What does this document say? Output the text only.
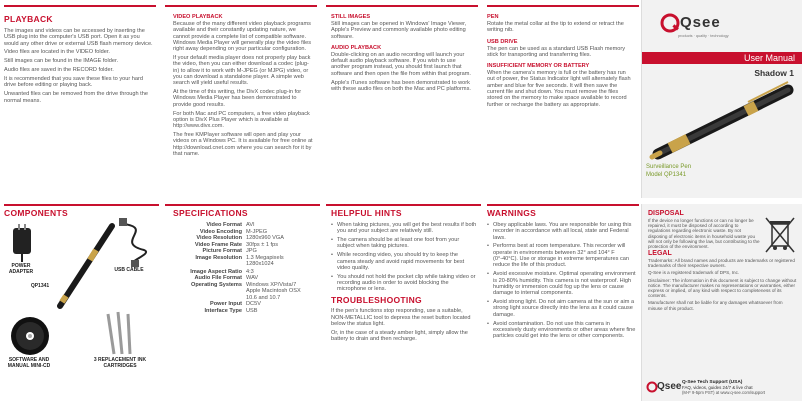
PLAYBACK

The images and videos can be accessed by inserting the USB plug into the computer's USB port. Open it as you would any other drive or external USB flash memory device.

Video files are located in the VIDEO folder.

Still images can be found in the IMAGE folder.

Audio files are saved in the RECORD folder.

It is recommended that you save these files to your hard drive before editing or playing back.

Unwanted files can be removed from the drive through the normal means.

VIDEO PLAYBACK

Because of the many different video playback programs available and their constantly updating nature, we cannot provide a complete list of compatible software. Windows Media Player will generally play the video files right away depending on your particular configuration.

If your default media player does not properly play back the video, then you can either download a codec (plug-in) to allow it to work with M-JPEG (or MJPG) video, or you can download a standalone player. A simple web search will yield useful results.

At the time of this writing, the DivX codec plug-in for Windows Media Player has been demonstrated to provide good results.

For both Mac and PC computers, a free video playback option is DivX Plus Player which is available at http://www.divx.com.

The free KMPlayer software will open and play your videos on a Windows PC. It is available for free online at http://download.cnet.com where you can search for it by that name.

STILL IMAGES

Still images can be opened in Windows' Image Viewer, Apple's Preview and commonly available photo editing software.

AUDIO PLAYBACK

Double-clicking on an audio recording will launch your default audio playback software. If you wish to use another program instead, you should first launch that software and then open the file from within that program.

Apple's iTunes software has been demonstrated to work with these audio files on both the Mac and PC platforms.

PEN

Rotate the metal collar at the tip to extend or retract the writing nib.

USB DRIVE

The pen can be used as a standard USB Flash memory stick for transporting and transferring files.

INSUFFICIENT MEMORY OR BATTERY

When the camera's memory is full or the battery has run out of power, the Status Indicator light will alternately flash amber and blue for five seconds. It will then save the current file and shut down. You must remove the files stored on the memory to make space available to record further or recharge the battery as appropriate.

Qsee
products · quality · technology
User Manual
Shadow 1
Surveillance Pen
Model QP1341
COMPONENTS
POWER ADAPTER	USB CABLE
QP1341
SOFTWARE AND MANUAL MINI-CD
3 REPLACEMENT INK CARTRIDGES
SPECIFICATIONS
Video Format AVI
Video Encoding M-JPEG
Video Resolution 1280x960 VGA
Video Frame Rate 30fps ± 1 fps
Picture Format JPG
Image Resolution 1.3 Megapixels 1280x1024
Image Aspect Ratio 4:3
Audio File Format WAV
Operating Systems Windows XP/Vista/7
Apple Macintosh OSX 10.6 and 10.7
Power Input DC5V
Interface Type USB
HELPFUL HINTS
• When taking pictures, you will get the best results if both you and your subject are relatively still.
• The camera should be at least one foot from your subject when taking pictures.
• While recording video, you should try to keep the camera steady and avoid rapid movements for best video quality.
• You should not hold the pocket clip while taking video or recording audio in order to avoid blocking the microphone or lens.
TROUBLESHOOTING

If the pen's functions stop responding, use a suitable, NON-METALLIC tool to depress the reset button located below the status light.

Or, in the case of a steady amber light, simply allow the battery to drain and then recharge.

WARNINGS
• Obey applicable laws. You are responsible for using this recorder in accordance with all local, state and Federal laws.
• Performs best at room temperature. This recorder will operate in environments between 32° and 104° F (0°-40°C). Use or storage in extreme temperatures can reduce the life of this product.
• Avoid excessive moisture. Optimal operating environment is 20-80% humidity. This camera is not waterproof. High humidity or immersion could fog up the lens or cause damage to internal components.
• Avoid strong light. Do not aim camera at the sun or aim a strong light source directly into the lens as it could cause damage.
• Avoid contamination. Do not use this camera in excessively dusty environments or other areas where fine particles could get into the lens or other components.
DISPOSAL
If the device no longer functions or can no longer be repaired, it must be disposed of according to regulations regarding electronic waste. By not disposing of electronic items in household waste you will not only be following the law, but contributing to the protection of the environment.
LEGAL

Trademarks: All brand names and products are trademarks or registered trademarks of their respective owners.

Q-See is a registered trademark of DPS, Inc.

Disclaimer: The information in this document is subject to change without notice. The manufacturer makes no representations or warranties, either express or implied, of any kind with respect to completeness of its contents.

Manufacturer shall not be liable for any damages whatsoever from misuse of this product.

Qsee Q-See Tech Support (USA)
FAQ, videos, guides 24/7 & live chat
(M-F 9-5pm PST) at www.q-see.com/support
